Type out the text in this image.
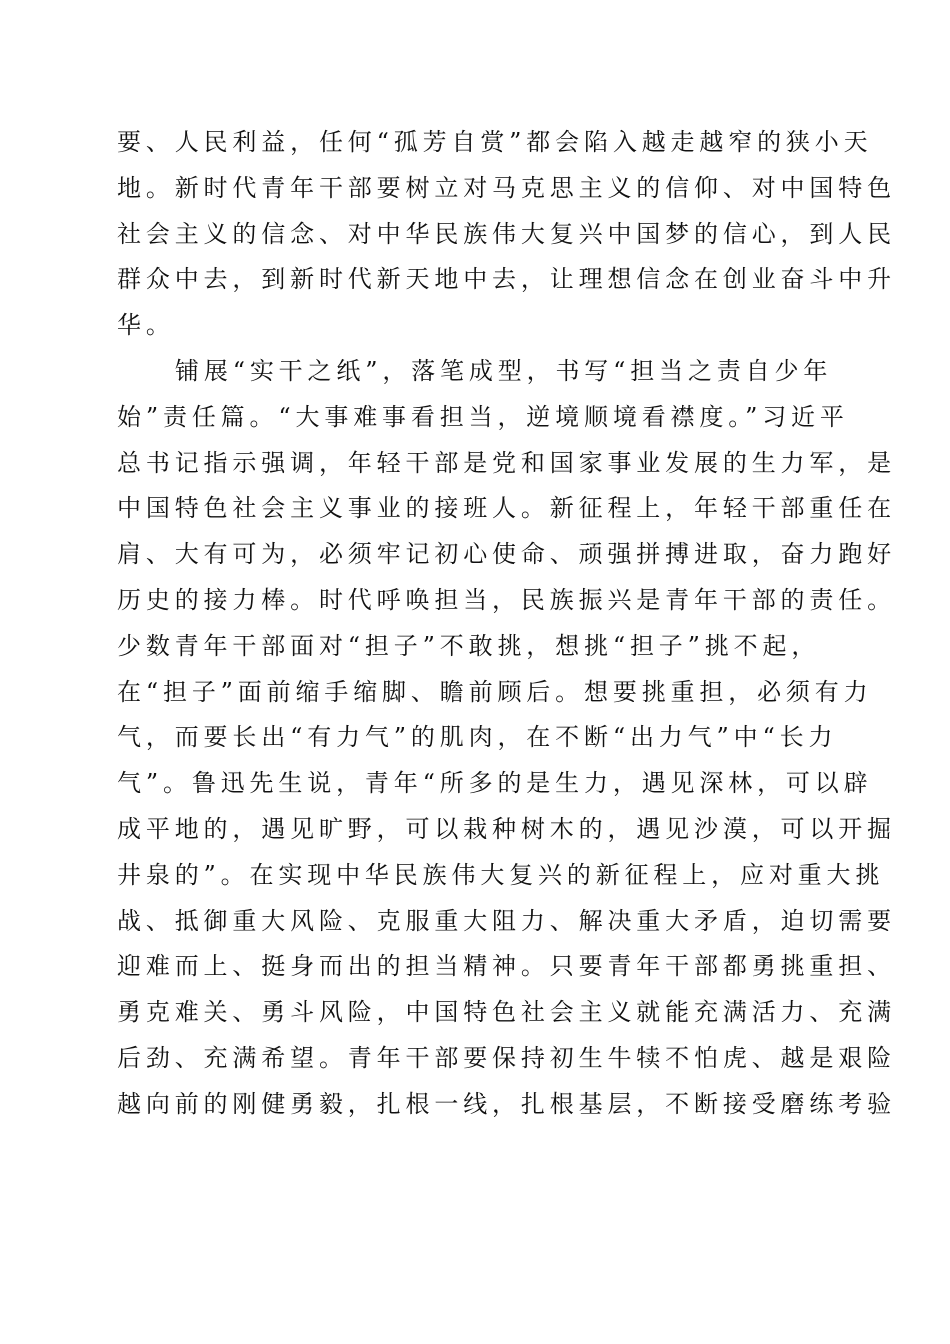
要、人民利益，任何“孤芳自赏”都会陷入越走越窄的狭小天
地。新时代青年干部要树立对马克思主义的信仰、对中国特色
社会主义的信念、对中华民族伟大复兴中国梦的信心，到人民
群众中去，到新时代新天地中去，让理想信念在创业奋斗中升
华。
铺展“实干之纸”，落笔成型，书写“担当之责自少年
始”责任篇。“大事难事看担当，逆境顺境看襟度。”习近平
总书记指示强调，年轻干部是党和国家事业发展的生力军，是
中国特色社会主义事业的接班人。新征程上，年轻干部重任在
肩、大有可为，必须牢记初心使命、顽强拼搏进取，奋力跑好
历史的接力棒。时代呼唤担当，民族振兴是青年干部的责任。
少数青年干部面对“担子”不敢挑，想挑“担子”挑不起，
在“担子”面前缩手缩脚、瞻前顾后。想要挑重担，必须有力
气，而要长出“有力气”的肌肉，在不断“出力气”中“长力
气”。鲁迅先生说，青年“所多的是生力，遇见深林，可以辟
成平地的，遇见旷野，可以栽种树木的，遇见沙漠，可以开掘
井泉的”。在实现中华民族伟大复兴的新征程上，应对重大挑
战、抵御重大风险、克服重大阻力、解决重大矛盾，迫切需要
迎难而上、挺身而出的担当精神。只要青年干部都勇挑重担、
勇克难关、勇斗风险，中国特色社会主义就能充满活力、充满
后劲、充满希望。青年干部要保持初生牛犊不怕虎、越是艰险
越向前的刚健勇毅，扎根一线，扎根基层，不断接受磨练考验
